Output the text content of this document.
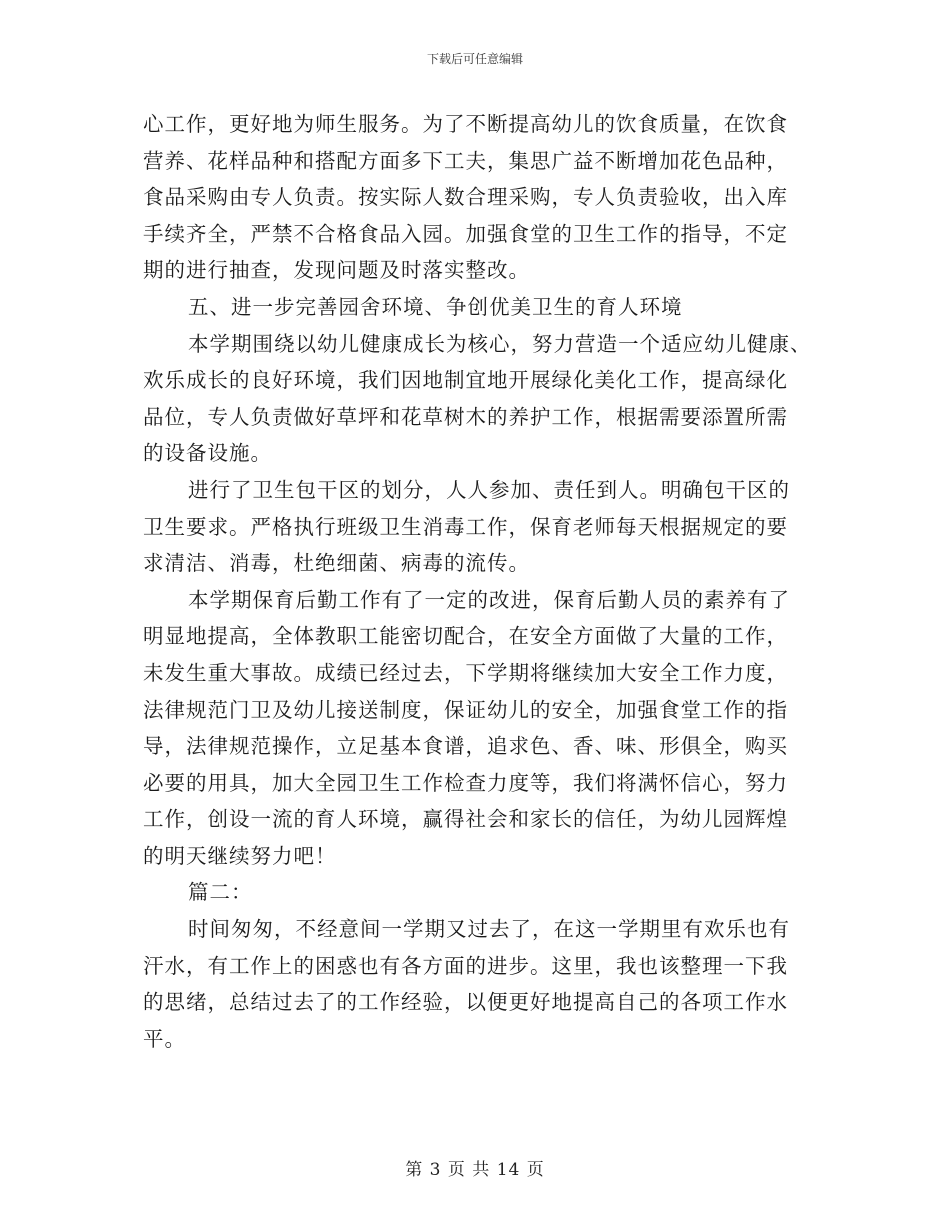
下载后可任意编辑
心工作，更好地为师生服务。为了不断提高幼儿的饮食质量，在饮食
营养、花样品种和搭配方面多下工夫，集思广益不断增加花色品种，
食品采购由专人负责。按实际人数合理采购，专人负责验收，出入库
手续齐全，严禁不合格食品入园。加强食堂的卫生工作的指导，不定
期的进行抽查，发现问题及时落实整改。
五、进一步完善园舍环境、争创优美卫生的育人环境
本学期围绕以幼儿健康成长为核心，努力营造一个适应幼儿健康、
欢乐成长的良好环境，我们因地制宜地开展绿化美化工作，提高绿化
品位，专人负责做好草坪和花草树木的养护工作，根据需要添置所需
的设备设施。
进行了卫生包干区的划分，人人参加、责任到人。明确包干区的
卫生要求。严格执行班级卫生消毒工作，保育老师每天根据规定的要
求清洁、消毒，杜绝细菌、病毒的流传。
本学期保育后勤工作有了一定的改进，保育后勤人员的素养有了
明显地提高，全体教职工能密切配合，在安全方面做了大量的工作，
未发生重大事故。成绩已经过去，下学期将继续加大安全工作力度，
法律规范门卫及幼儿接送制度，保证幼儿的安全，加强食堂工作的指
导，法律规范操作，立足基本食谱，追求色、香、味、形俱全，购买
必要的用具，加大全园卫生工作检查力度等，我们将满怀信心，努力
工作，创设一流的育人环境，赢得社会和家长的信任，为幼儿园辉煌
的明天继续努力吧！
篇二：
时间匆匆，不经意间一学期又过去了，在这一学期里有欢乐也有
汗水，有工作上的困惑也有各方面的进步。这里，我也该整理一下我
的思绪，总结过去了的工作经验，以便更好地提高自己的各项工作水
平。
第 3 页 共 14 页
